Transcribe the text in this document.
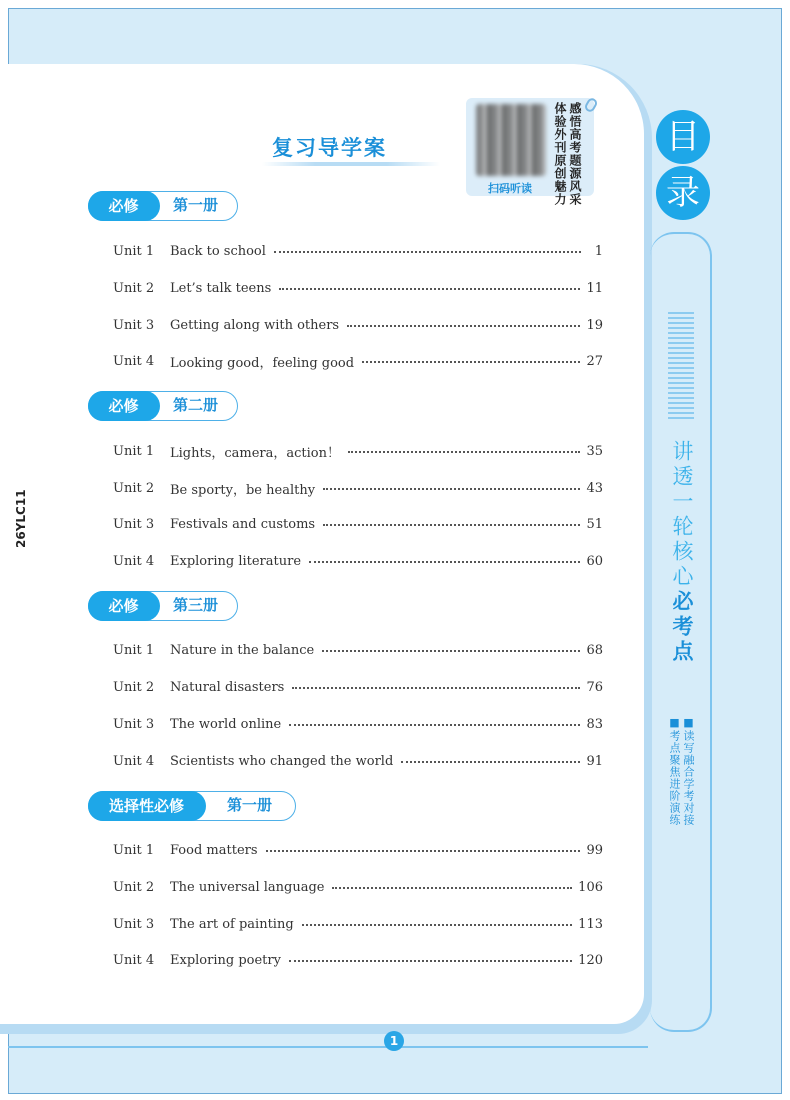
复习导学案
扫码听读	感悟高考题源风采
体验外刊原创魅力
必修	第一册
Unit 1	Back to school	1
Unit 2	Let’s talk teens	11
Unit 3	Getting along with others	19
Unit 4	Looking good，feeling good	27
必修	第二册
Unit 1	Lights，camera，action！	35
Unit 2	Be sporty，be healthy	43
Unit 3	Festivals and customs	51
Unit 4	Exploring literature	60
必修	第三册
Unit 1	Nature in the balance	68
Unit 2	Natural disasters	76
Unit 3	The world online	83
Unit 4	Scientists who changed the world	91
选择性必修	第一册
Unit 1	Food matters	99
Unit 2	The universal language	106
Unit 3	The art of painting	113
Unit 4	Exploring poetry	120
目
录
讲透一轮核心必考点
■读写融合学考对接
■考点聚焦进阶演练
26YLC11
1
